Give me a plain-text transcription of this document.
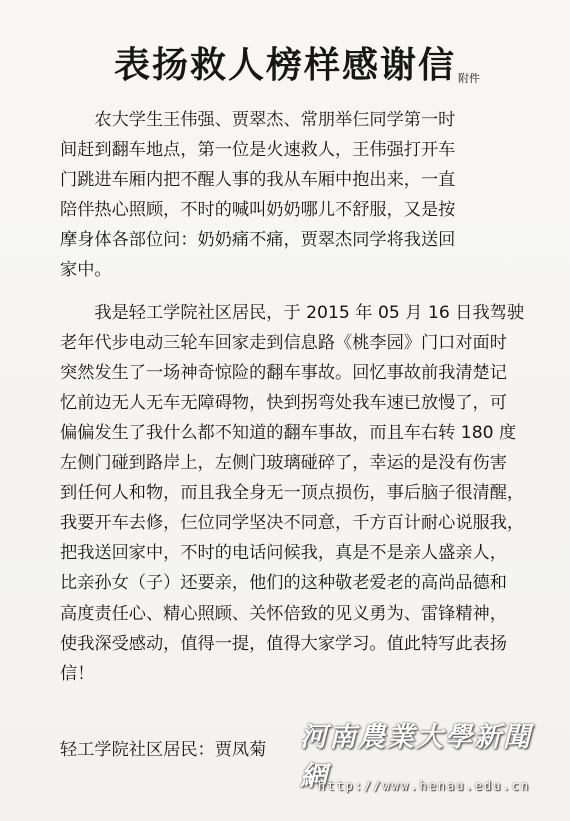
表扬救人榜样感谢信 附件

农大学生王伟强、贾翠杰、常朋举仨同学第一时
间赶到翻车地点，第一位是火速救人，王伟强打开车
门跳进车厢内把不醒人事的我从车厢中抱出来，一直
陪伴热心照顾，不时的喊叫奶奶哪儿不舒服，又是按
摩身体各部位问：奶奶痛不痛，贾翠杰同学将我送回
家中。

我是轻工学院社区居民，于 2015 年 05 月 16 日我驾驶
老年代步电动三轮车回家走到信息路《桃李园》门口对面时
突然发生了一场神奇惊险的翻车事故。回忆事故前我清楚记
忆前边无人无车无障碍物，快到拐弯处我车速已放慢了，可
偏偏发生了我什么都不知道的翻车事故，而且车右转 180 度
左侧门碰到路岸上，左侧门玻璃碰碎了，幸运的是没有伤害
到任何人和物，而且我全身无一顶点损伤，事后脑子很清醒，
我要开车去修，仨位同学坚决不同意，千方百计耐心说服我，
把我送回家中，不时的电话问候我，真是不是亲人盛亲人，
比亲孙女（子）还要亲，他们的这种敬老爱老的高尚品德和
高度责任心、精心照顾、关怀倍致的见义勇为、雷锋精神，
使我深受感动，值得一提，值得大家学习。值此特写此表扬
信！

轻工学院社区居民：贾凤菊 河南農業大學新聞網
http://www.henau.edu.cn
